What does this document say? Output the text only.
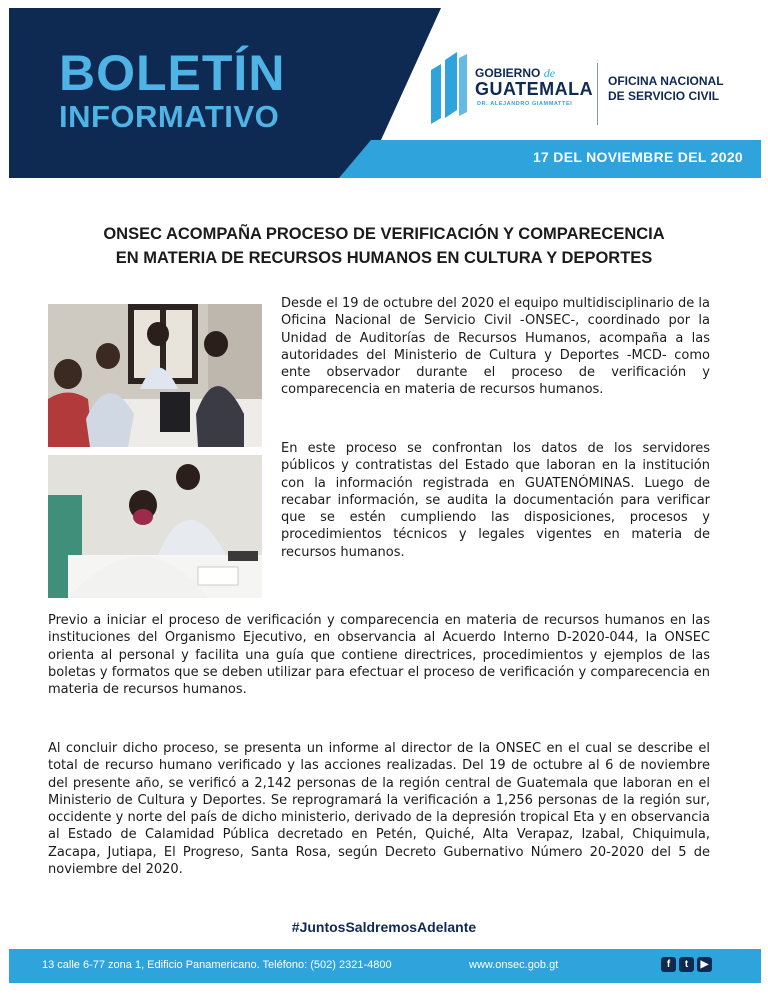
17 DEL NOVIEMBRE DEL 2020
BOLETÍN
INFORMATIVO
GOBIERNO de
GUATEMALA
DR. ALEJANDRO GIAMMATTEI
OFICINA NACIONAL
DE SERVICIO CIVIL
ONSEC ACOMPAÑA PROCESO DE VERIFICACIÓN Y COMPARECENCIA
EN MATERIA DE RECURSOS HUMANOS EN CULTURA Y DEPORTES
Desde el 19 de octubre del 2020 el equipo multidisciplinario de la Oficina Nacional de Servicio Civil -ONSEC-, coordinado por la Unidad de Auditorías de Recursos Humanos, acompaña a las autoridades del Ministerio de Cultura y Deportes -MCD- como ente observador durante el proceso de verificación y comparecencia en materia de recursos humanos.
En este proceso se confrontan los datos de los servidores públicos y contratistas del Estado que laboran en la institución con la información registrada en GUATENÓMINAS. Luego de recabar información, se audita la documentación para verificar que se estén cumpliendo las disposiciones, procesos y procedimientos técnicos y legales vigentes en materia de recursos humanos.
Previo a iniciar el proceso de verificación y comparecencia en materia de recursos humanos en las instituciones del Organismo Ejecutivo, en observancia al Acuerdo Interno D-2020-044, la ONSEC orienta al personal y facilita una guía que contiene directrices, procedimientos y ejemplos de las boletas y formatos que se deben utilizar para efectuar el proceso de verificación y comparecencia en materia de recursos humanos.
Al concluir dicho proceso, se presenta un informe al director de la ONSEC en el cual se describe el total de recurso humano verificado y las acciones realizadas. Del 19 de octubre al 6 de noviembre del presente año, se verificó a 2,142 personas de la región central de Guatemala que laboran en el Ministerio de Cultura y Deportes. Se reprogramará la verificación a 1,256 personas de la región sur, occidente y norte del país de dicho ministerio, derivado de la depresión tropical Eta y en observancia al Estado de Calamidad Pública decretado en Petén, Quiché, Alta Verapaz, Izabal, Chiquimula, Zacapa, Jutiapa, El Progreso, Santa Rosa, según Decreto Gubernativo Número 20-2020 del 5 de noviembre del 2020.
#JuntosSaldremosAdelante
13 calle 6-77 zona 1, Edificio Panamericano. Teléfono: (502) 2321-4800	www.onsec.gob.gt	f	t	▶
